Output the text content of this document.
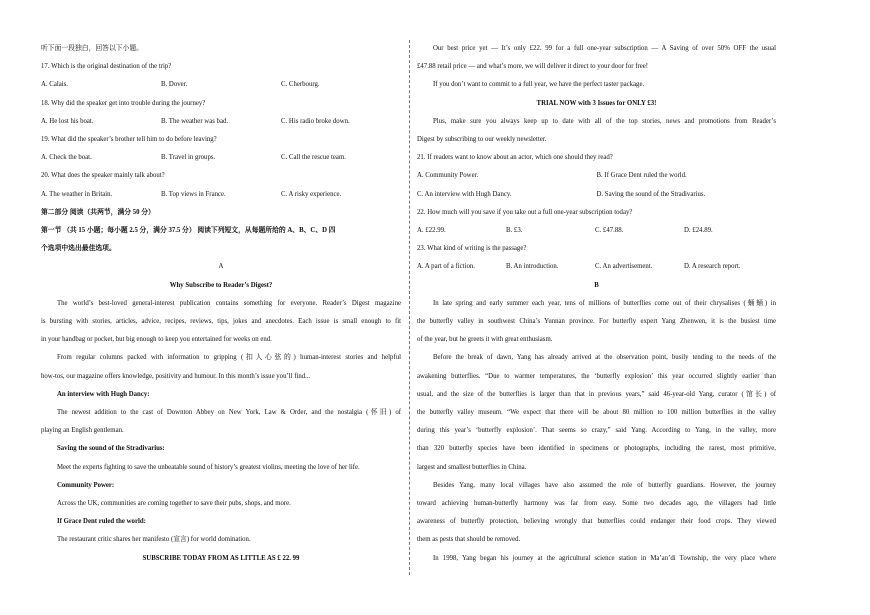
听下面一段独白，回答以下小题。
17. Which is the original destination of the trip?
A. Calais.	B. Dover.	C. Cherbourg.
18. Why did the speaker get into trouble during the journey?
A. He lost his boat.	B. The weather was bad.	C. His radio broke down.
19. What did the speaker’s brother tell him to do before leaving?
A. Check the boat.	B. Travel in groups.	C. Call the rescue team.
20. What does the speaker mainly talk about?
A. The weather in Britain.	B. Top views in France.	C. A risky experience.
第二部分 阅读（共两节，满分 50 分）
第一节 （共 15 小题；每小题 2.5 分，满分 37.5 分） 阅读下列短文，从每题所给的 A、B、C、D 四
个选项中选出最佳选项。
A
Why Subscribe to Reader’s Digest?
The world’s best-loved general-interest publication contains something for everyone. Reader’s Digest magazine
is bursting with stories, articles, advice, recipes, reviews, tips, jokes and anecdotes. Each issue is small enough to fit
in your handbag or pocket, but big enough to keep you entertained for weeks on end.
From regular columns packed with information to gripping (扣人心弦的) human-interest stories and helpful
how-tos, our magazine offers knowledge, positivity and humour. In this month’s issue you’ll find...
An interview with Hugh Dancy:
The newest addition to the cast of Downton Abbey on New York, Law & Order, and the nostalgia (怀旧) of
playing an English gentleman.
Saving the sound of the Stradivarius:
Meet the experts fighting to save the unbeatable sound of history’s greatest violins, meeting the love of her life.
Community Power:
Across the UK, communities are coming together to save their pubs, shops, and more.
If Grace Dent ruled the world:
The restaurant critic shares her manifesto (宣言) for world domination.
SUBSCRIBE TODAY FROM AS LITTLE AS £ 22. 99
Our best price yet — It’s only £22. 99 for a full one-year subscription — A Saving of over 50% OFF the usual
£47.88 retail price — and what’s more, we will deliver it direct to your door for free!
If you don’t want to commit to a full year, we have the perfect taster package.
TRIAL NOW with 3 Issues for ONLY £3!
Plus, make sure you always keep up to date with all of the top stories, news and promotions from Reader’s
Digest by subscribing to our weekly newsletter.
21. If readers want to know about an actor, which one should they read?
A. Community Power.	B. If Grace Dent ruled the world.
C. An interview with Hugh Dancy.	D. Saving the sound of the Stradivarius.
22. How much will you save if you take out a full one-year subscription today?
A. £22.99.	B. £3.	C. £47.88.	D. £24.89.
23. What kind of writing is the passage?
A. A part of a fiction.	B. An introduction.	C. An advertisement.	D. A research report.
B
In late spring and early summer each year, tens of millions of butterflies come out of their chrysalises (蛹蛹) in
the butterfly valley in southwest China’s Yunnan province. For butterfly expert Yang Zhenwen, it is the busiest time
of the year, but he greets it with great enthusiasm.
Before the break of dawn, Yang has already arrived at the observation point, busily tending to the needs of the
awakening butterflies. “Due to warmer temperatures, the ‘butterfly explosion’ this year occurred slightly earlier than
usual, and the size of the butterflies is larger than that in previous years,” said 46-year-old Yang, curator (馆长) of
the butterfly valley museum. “We expect that there will be about 80 million to 100 million butterflies in the valley
during this year’s ‘butterfly explosion’. That seems so crazy,” said Yang. According to Yang, in the valley, more
than 320 butterfly species have been identified in specimens or photographs, including the rarest, most primitive,
largest and smallest butterflies in China.
Besides Yang, many local villages have also assumed the role of butterfly guardians. However, the journey
toward achieving human-butterfly harmony was far from easy. Some two decades ago, the villagers had little
awareness of butterfly protection, believing wrongly that butterflies could endanger their food crops. They viewed
them as pests that should be removed.
In 1998, Yang began his journey at the agricultural science station in Ma’an’di Township, the very place where
